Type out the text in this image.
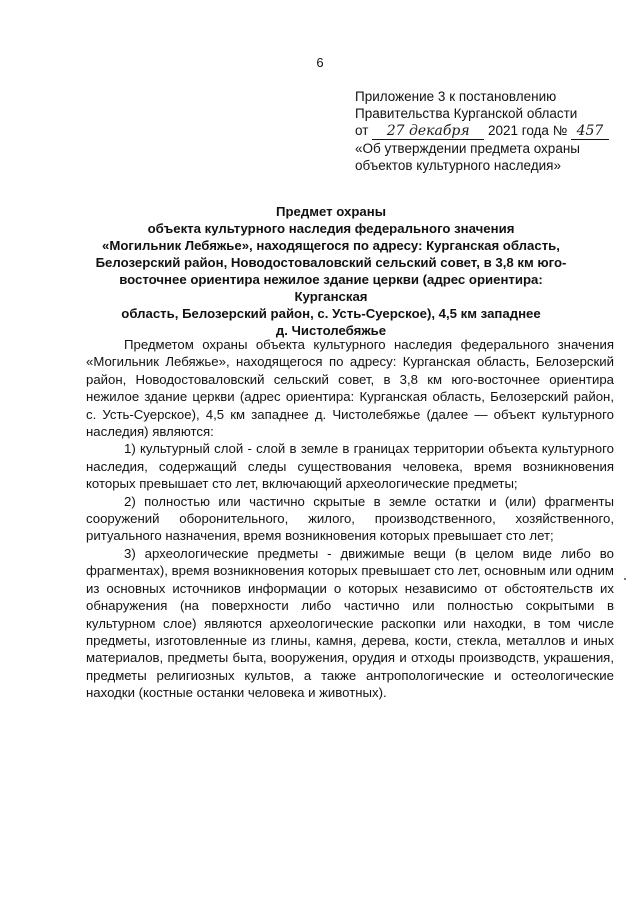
6
Приложение 3 к постановлению
Правительства Курганской области
от 27 декабря 2021 года № 457
«Об утверждении предмета охраны
объектов культурного наследия»
Предмет охраны
объекта культурного наследия федерального значения
«Могильник Лебяжье», находящегося по адресу: Курганская область,
Белозерский район, Новодостоваловский сельский совет, в 3,8 км юго-
восточнее ориентира нежилое здание церкви (адрес ориентира: Курганская
область, Белозерский район, с. Усть-Суерское), 4,5 км западнее
д. Чистолебяжье

Предметом охраны объекта культурного наследия федерального значения «Могильник Лебяжье», находящегося по адресу: Курганская область, Белозерский район, Новодостоваловский сельский совет, в 3,8 км юго-восточнее ориентира нежилое здание церкви (адрес ориентира: Курганская область, Белозерский район, с. Усть-Суерское), 4,5 км западнее д. Чистолебяжье (далее — объект культурного наследия) являются:

1) культурный слой - слой в земле в границах территории объекта культурного наследия, содержащий следы существования человека, время возникновения которых превышает сто лет, включающий археологические предметы;

2) полностью или частично скрытые в земле остатки и (или) фрагменты сооружений оборонительного, жилого, производственного, хозяйственного, ритуального назначения, время возникновения которых превышает сто лет;

3) археологические предметы - движимые вещи (в целом виде либо во фрагментах), время возникновения которых превышает сто лет, основным или одним из основных источников информации о которых независимо от обстоятельств их обнаружения (на поверхности либо частично или полностью сокрытыми в культурном слое) являются археологические раскопки или находки, в том числе предметы, изготовленные из глины, камня, дерева, кости, стекла, металлов и иных материалов, предметы быта, вооружения, орудия и отходы производств, украшения, предметы религиозных культов, а также антропологические и остеологические находки (костные останки человека и животных).
